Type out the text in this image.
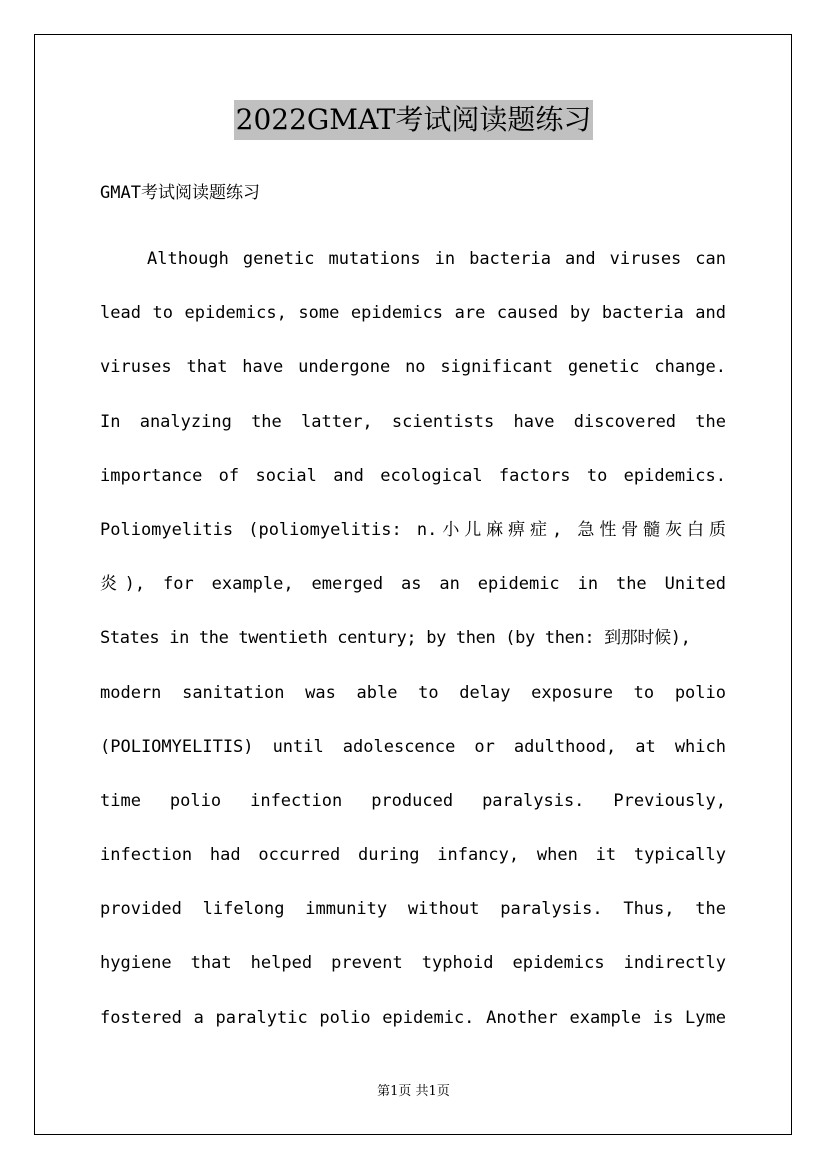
2022GMAT考试阅读题练习
GMAT考试阅读题练习
Although genetic mutations in bacteria and viruses can
lead to epidemics, some epidemics are caused by bacteria and
viruses that have undergone no significant genetic change.
In analyzing the latter, scientists have discovered the
importance of social and ecological factors to epidemics.
Poliomyelitis (poliomyelitis: n.小儿麻痹症, 急性骨髓灰白质
炎), for example, emerged as an epidemic in the United
States in the twentieth century; by then (by then: 到那时候),
modern sanitation was able to delay exposure to polio
(POLIOMYELITIS) until adolescence or adulthood, at which
time polio infection produced paralysis. Previously,
infection had occurred during infancy, when it typically
provided lifelong immunity without paralysis. Thus, the
hygiene that helped prevent typhoid epidemics indirectly
fostered a paralytic polio epidemic. Another example is Lyme
第1页 共1页
